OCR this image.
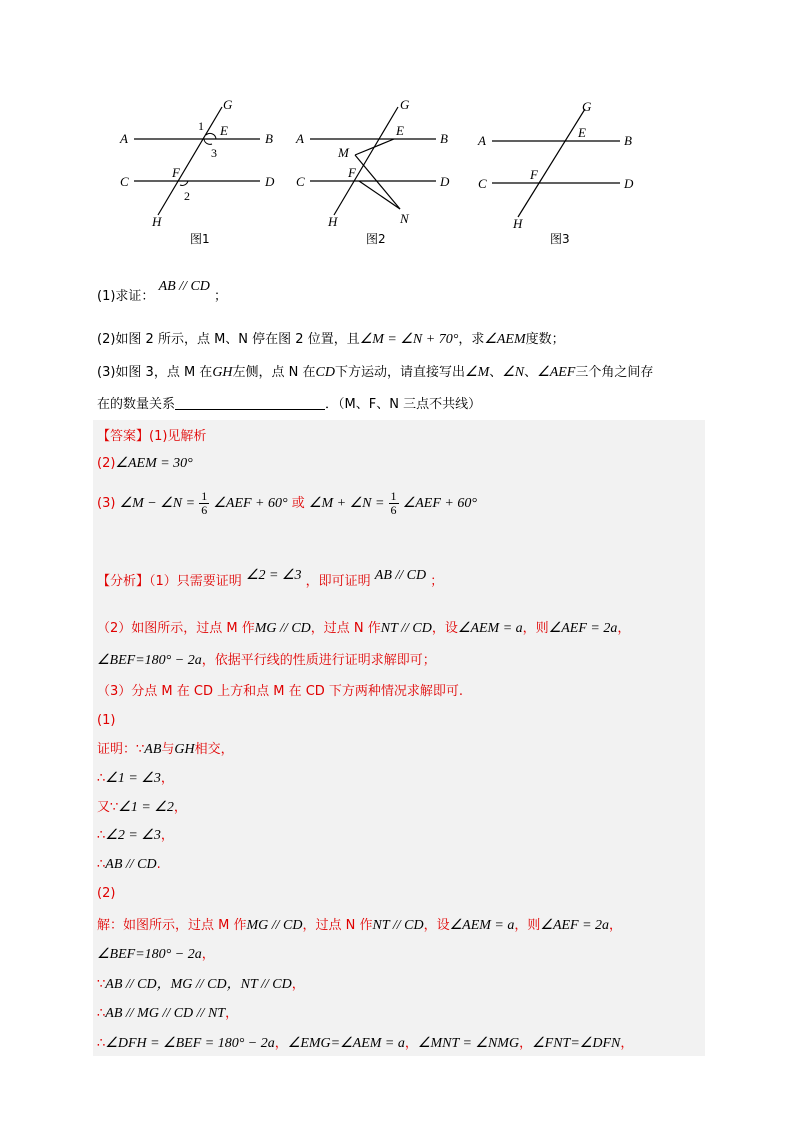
G
A	B
E
C	D
F
H
1
2
3
图1
G
A	B
E
M
C	D
F
H	N
图2
G
A	B
E
C	D
F
H
图3
(1)求证： AB // CD ；
(2)如图 2 所示，点 M、N 停在图 2 位置，且∠M = ∠N + 70°，求∠AEM度数；
(3)如图 3，点 M 在GH左侧，点 N 在CD下方运动，请直接写出∠M、∠N、∠AEF三个角之间存
在的数量关系	．（M、F、N 三点不共线）
【答案】(1)见解析
(2)∠AEM = 30°
(3) ∠M − ∠N = $\frac{1}{6}$ ∠AEF + 60° 或 ∠M + ∠N = $\frac{1}{6}$ ∠AEF + 60°
【分析】（1）只需要证明 ∠2 = ∠3 ，即可证明 AB // CD ；
（2）如图所示，过点 M 作MG // CD，过点 N 作NT // CD，设∠AEM = a，则∠AEF = 2a，
∠BEF=180° − 2a，依据平行线的性质进行证明求解即可；
（3）分点 M 在 CD 上方和点 M 在 CD 下方两种情况求解即可.
(1)
证明：∵AB与GH相交，
∴∠1 = ∠3，
又∵∠1 = ∠2，
∴∠2 = ∠3，
∴AB // CD.
(2)
解：如图所示，过点 M 作MG // CD，过点 N 作NT // CD，设∠AEM = a，则∠AEF = 2a，
∠BEF=180° − 2a，
∵AB // CD，MG // CD，NT // CD，
∴AB // MG // CD // NT，
∴∠DFH = ∠BEF = 180° − 2a，∠EMG=∠AEM = a，∠MNT = ∠NMG，∠FNT=∠DFN，
